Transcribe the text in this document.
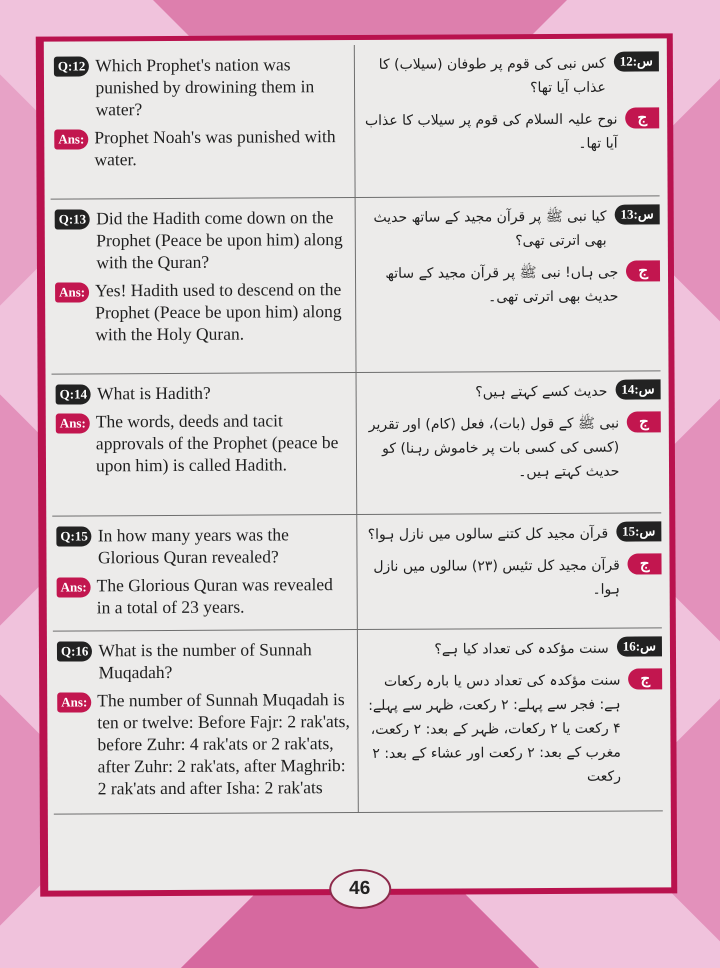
Q:12 Which Prophet's nation was punished by drowining them in water?
Ans: Prophet Noah's was punished with water.
س:12
کس نبی کی قوم پر طوفان (سیلاب) کا عذاب آیا تھا؟
ج
نوح علیہ السلام کی قوم پر سیلاب کا عذاب آیا تھا۔
Q:13 Did the Hadith come down on the Prophet (Peace be upon him) along with the Quran?
Ans: Yes! Hadith used to descend on the Prophet (Peace be upon him) along with the Holy Quran.
س:13
کیا نبی ﷺ پر قرآن مجید کے ساتھ حدیث بھی اترتی تھی؟
ج
جی ہاں! نبی ﷺ پر قرآن مجید کے ساتھ حدیث بھی اترتی تھی۔
Q:14 What is Hadith?
Ans: The words, deeds and tacit approvals of the Prophet (peace be upon him) is called Hadith.
س:14
حدیث کسے کہتے ہیں؟
ج
نبی ﷺ کے قول (بات)، فعل (کام) اور تقریر (کسی کی کسی بات پر خاموش رہنا) کو حدیث کہتے ہیں۔
Q:15 In how many years was the Glorious Quran revealed?
Ans: The Glorious Quran was revealed in a total of 23 years.
س:15
قرآن مجید کل کتنے سالوں میں نازل ہوا؟
ج
قرآن مجید کل تئیس (۲۳) سالوں میں نازل ہوا۔
Q:16 What is the number of Sunnah Muqadah?
Ans: The number of Sunnah Muqadah is ten or twelve: Before Fajr: 2 rak'ats, before Zuhr: 4 rak'ats or 2 rak'ats, after Zuhr: 2 rak'ats, after Maghrib: 2 rak'ats and after Isha: 2 rak'ats
س:16
سنت مؤکدہ کی تعداد کیا ہے؟
ج
سنت مؤکدہ کی تعداد دس یا بارہ رکعات ہے: فجر سے پہلے: ۲ رکعت، ظہر سے پہلے: ۴ رکعت یا ۲ رکعات، ظہر کے بعد: ۲ رکعت، مغرب کے بعد: ۲ رکعت اور عشاء کے بعد: ۲ رکعت
46
